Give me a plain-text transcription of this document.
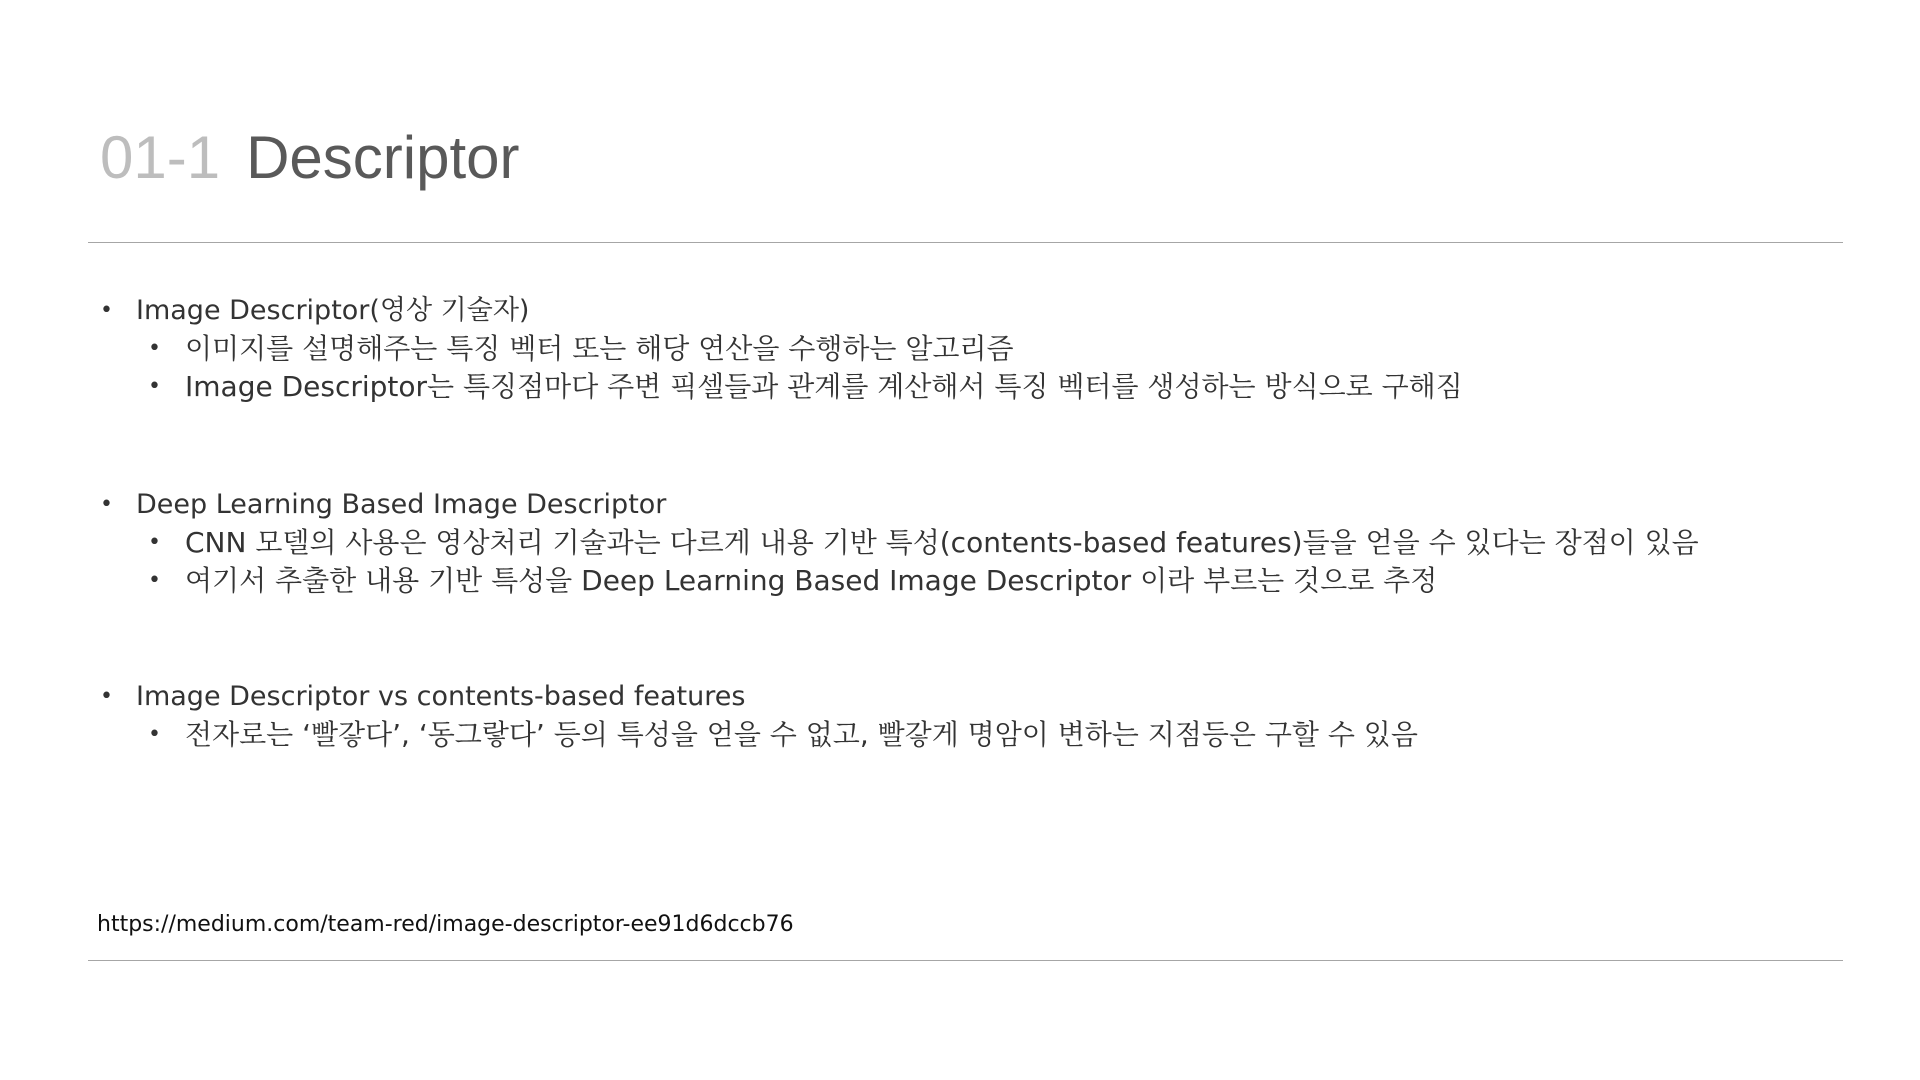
01-1 Descriptor
• Image Descriptor(영상 기술자)
• 이미지를 설명해주는 특징 벡터 또는 해당 연산을 수행하는 알고리즘
• Image Descriptor는 특징점마다 주변 픽셀들과 관계를 계산해서 특징 벡터를 생성하는 방식으로 구해짐
• Deep Learning Based Image Descriptor
• CNN 모델의 사용은 영상처리 기술과는 다르게 내용 기반 특성(contents-based features)들을 얻을 수 있다는 장점이 있음
• 여기서 추출한 내용 기반 특성을 Deep Learning Based Image Descriptor 이라 부르는 것으로 추정
• Image Descriptor vs contents-based features
• 전자로는 ‘빨갛다’, ‘동그랗다’ 등의 특성을 얻을 수 없고, 빨갛게 명암이 변하는 지점등은 구할 수 있음
https://medium.com/team-red/image-descriptor-ee91d6dccb76
